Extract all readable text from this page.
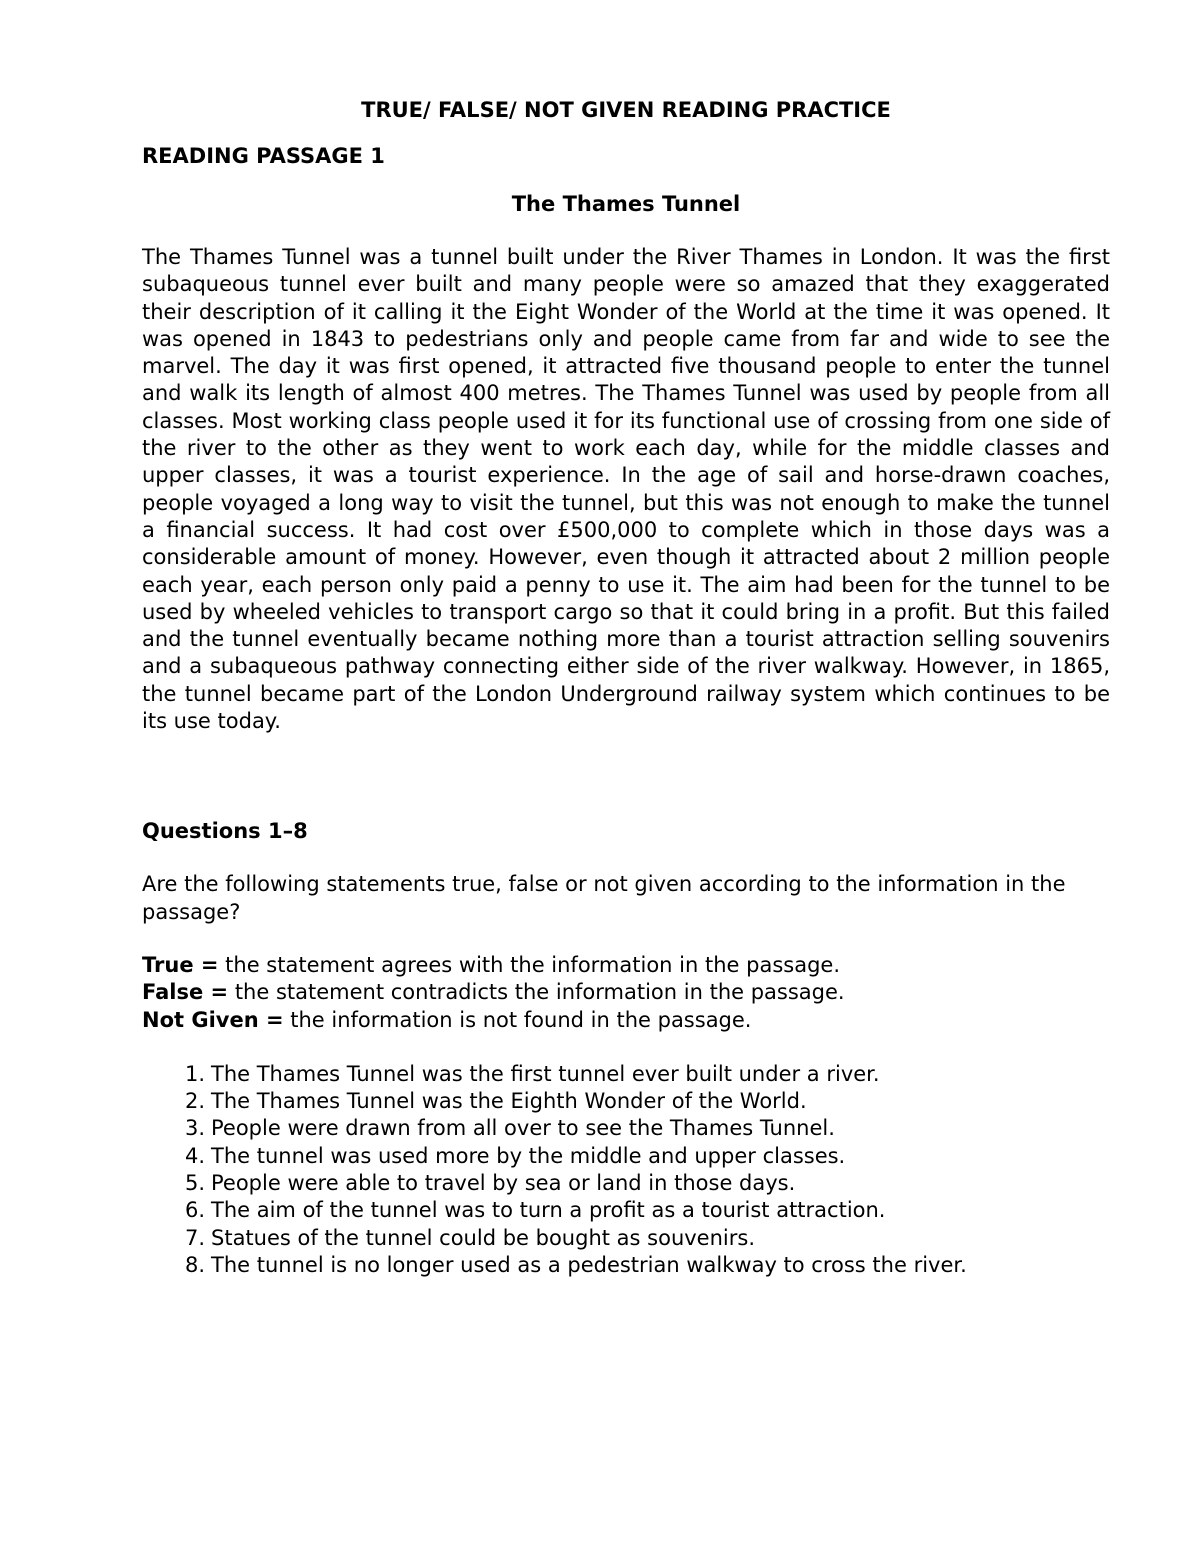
TRUE/ FALSE/ NOT GIVEN READING PRACTICE
READING PASSAGE 1
The Thames Tunnel

The Thames Tunnel was a tunnel built under the River Thames in London. It was the first subaqueous tunnel ever built and many people were so amazed that they exaggerated their description of it calling it the Eight Wonder of the World at the time it was opened. It was opened in 1843 to pedestrians only and people came from far and wide to see the marvel. The day it was first opened, it attracted five thousand people to enter the tunnel and walk its length of almost 400 metres. The Thames Tunnel was used by people from all classes. Most working class people used it for its functional use of crossing from one side of the river to the other as they went to work each day, while for the middle classes and upper classes, it was a tourist experience. In the age of sail and horse-drawn coaches, people voyaged a long way to visit the tunnel, but this was not enough to make the tunnel a financial success. It had cost over £500,000 to complete which in those days was a considerable amount of money. However, even though it attracted about 2 million people each year, each person only paid a penny to use it. The aim had been for the tunnel to be used by wheeled vehicles to transport cargo so that it could bring in a profit. But this failed and the tunnel eventually became nothing more than a tourist attraction selling souvenirs and a subaqueous pathway connecting either side of the river walkway. However, in 1865, the tunnel became part of the London Underground railway system which continues to be its use today.

Questions 1–8

Are the following statements true, false or not given according to the information in the passage?

True = the statement agrees with the information in the passage.

False = the statement contradicts the information in the passage.

Not Given = the information is not found in the passage.

1. The Thames Tunnel was the first tunnel ever built under a river.
2. The Thames Tunnel was the Eighth Wonder of the World.
3. People were drawn from all over to see the Thames Tunnel.
4. The tunnel was used more by the middle and upper classes.
5. People were able to travel by sea or land in those days.
6. The aim of the tunnel was to turn a profit as a tourist attraction.
7. Statues of the tunnel could be bought as souvenirs.
8. The tunnel is no longer used as a pedestrian walkway to cross the river.
